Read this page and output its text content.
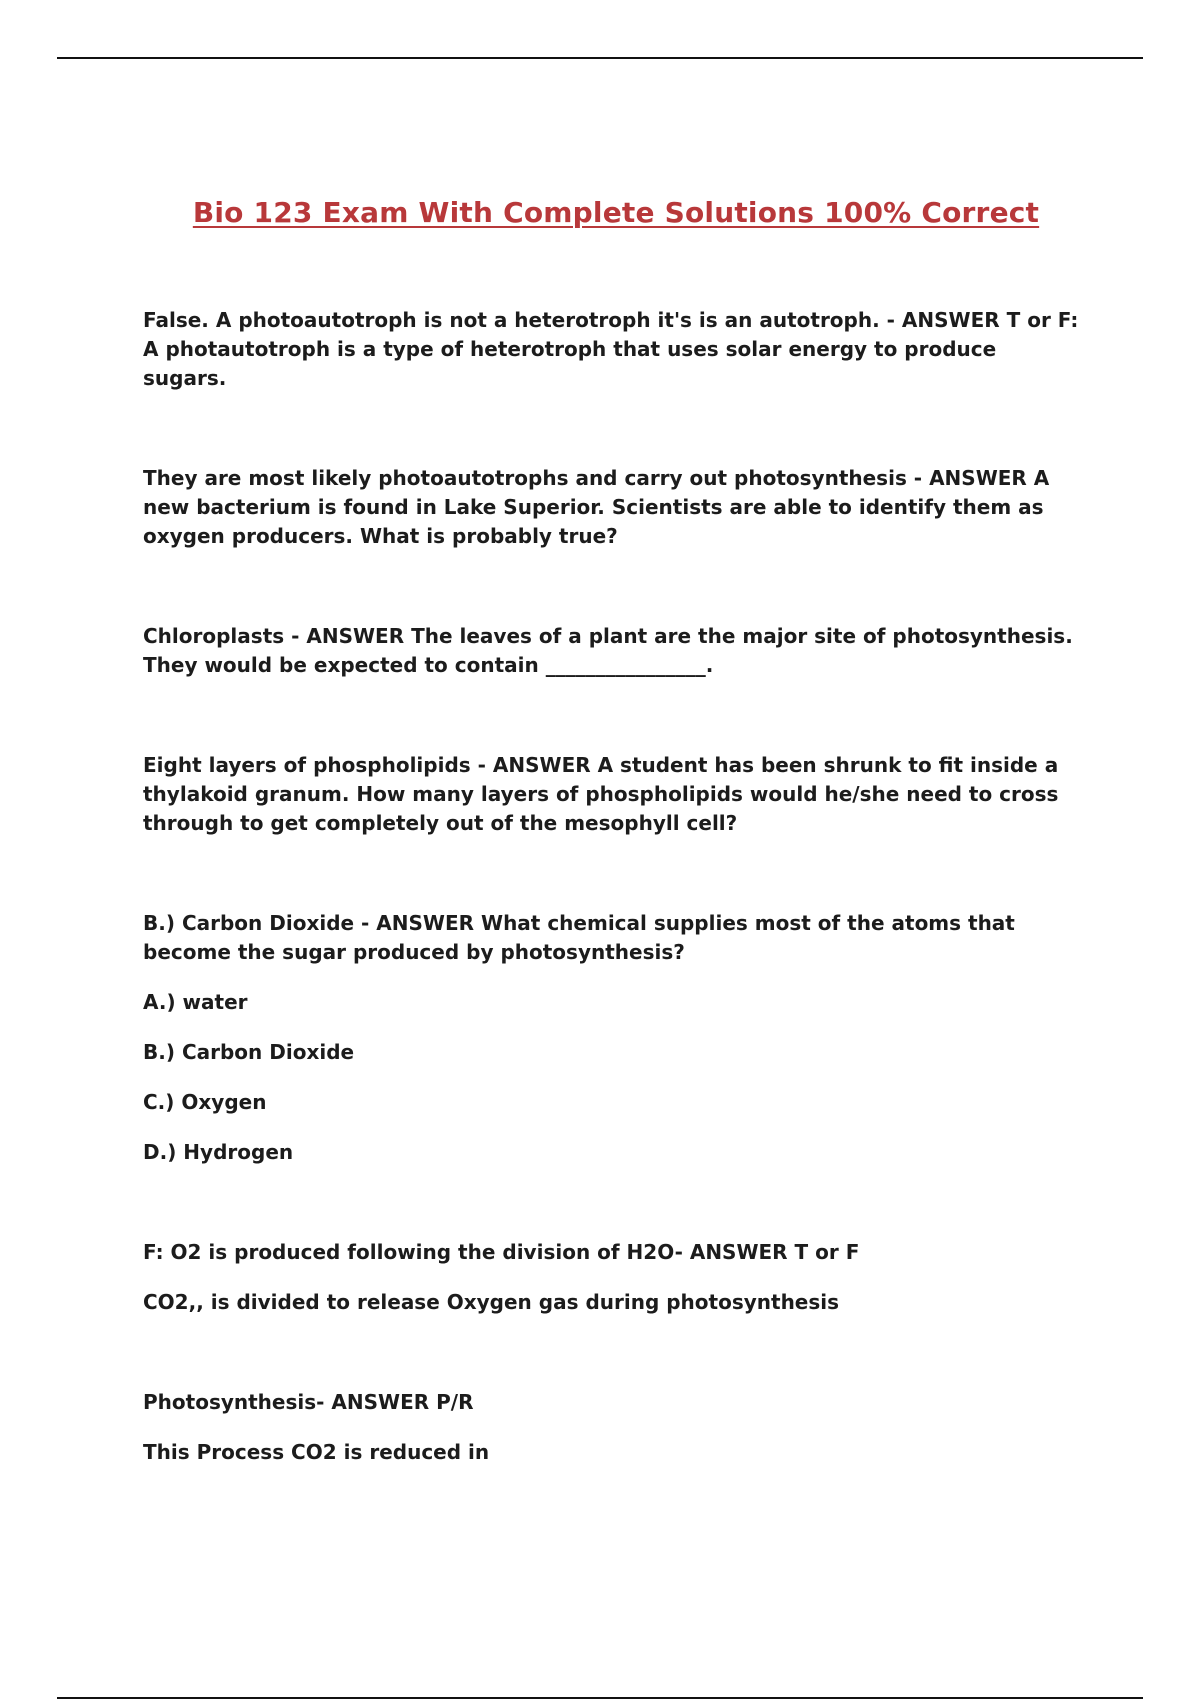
Bio 123 Exam With Complete Solutions 100% Correct

False. A photoautotroph is not a heterotroph it's is an autotroph. - ANSWER T or F: A photautotroph is a type of heterotroph that uses solar energy to produce sugars.

They are most likely photoautotrophs and carry out photosynthesis - ANSWER A new bacterium is found in Lake Superior. Scientists are able to identify them as oxygen producers. What is probably true?

Chloroplasts - ANSWER The leaves of a plant are the major site of photosynthesis. They would be expected to contain ________________.

Eight layers of phospholipids - ANSWER A student has been shrunk to fit inside a thylakoid granum. How many layers of phospholipids would he/she need to cross through to get completely out of the mesophyll cell?

B.) Carbon Dioxide - ANSWER What chemical supplies most of the atoms that become the sugar produced by photosynthesis?

A.) water

B.) Carbon Dioxide

C.) Oxygen

D.) Hydrogen

F: O2 is produced following the division of H2O- ANSWER T or F

CO2,, is divided to release Oxygen gas during photosynthesis

Photosynthesis- ANSWER P/R

This Process CO2 is reduced in
